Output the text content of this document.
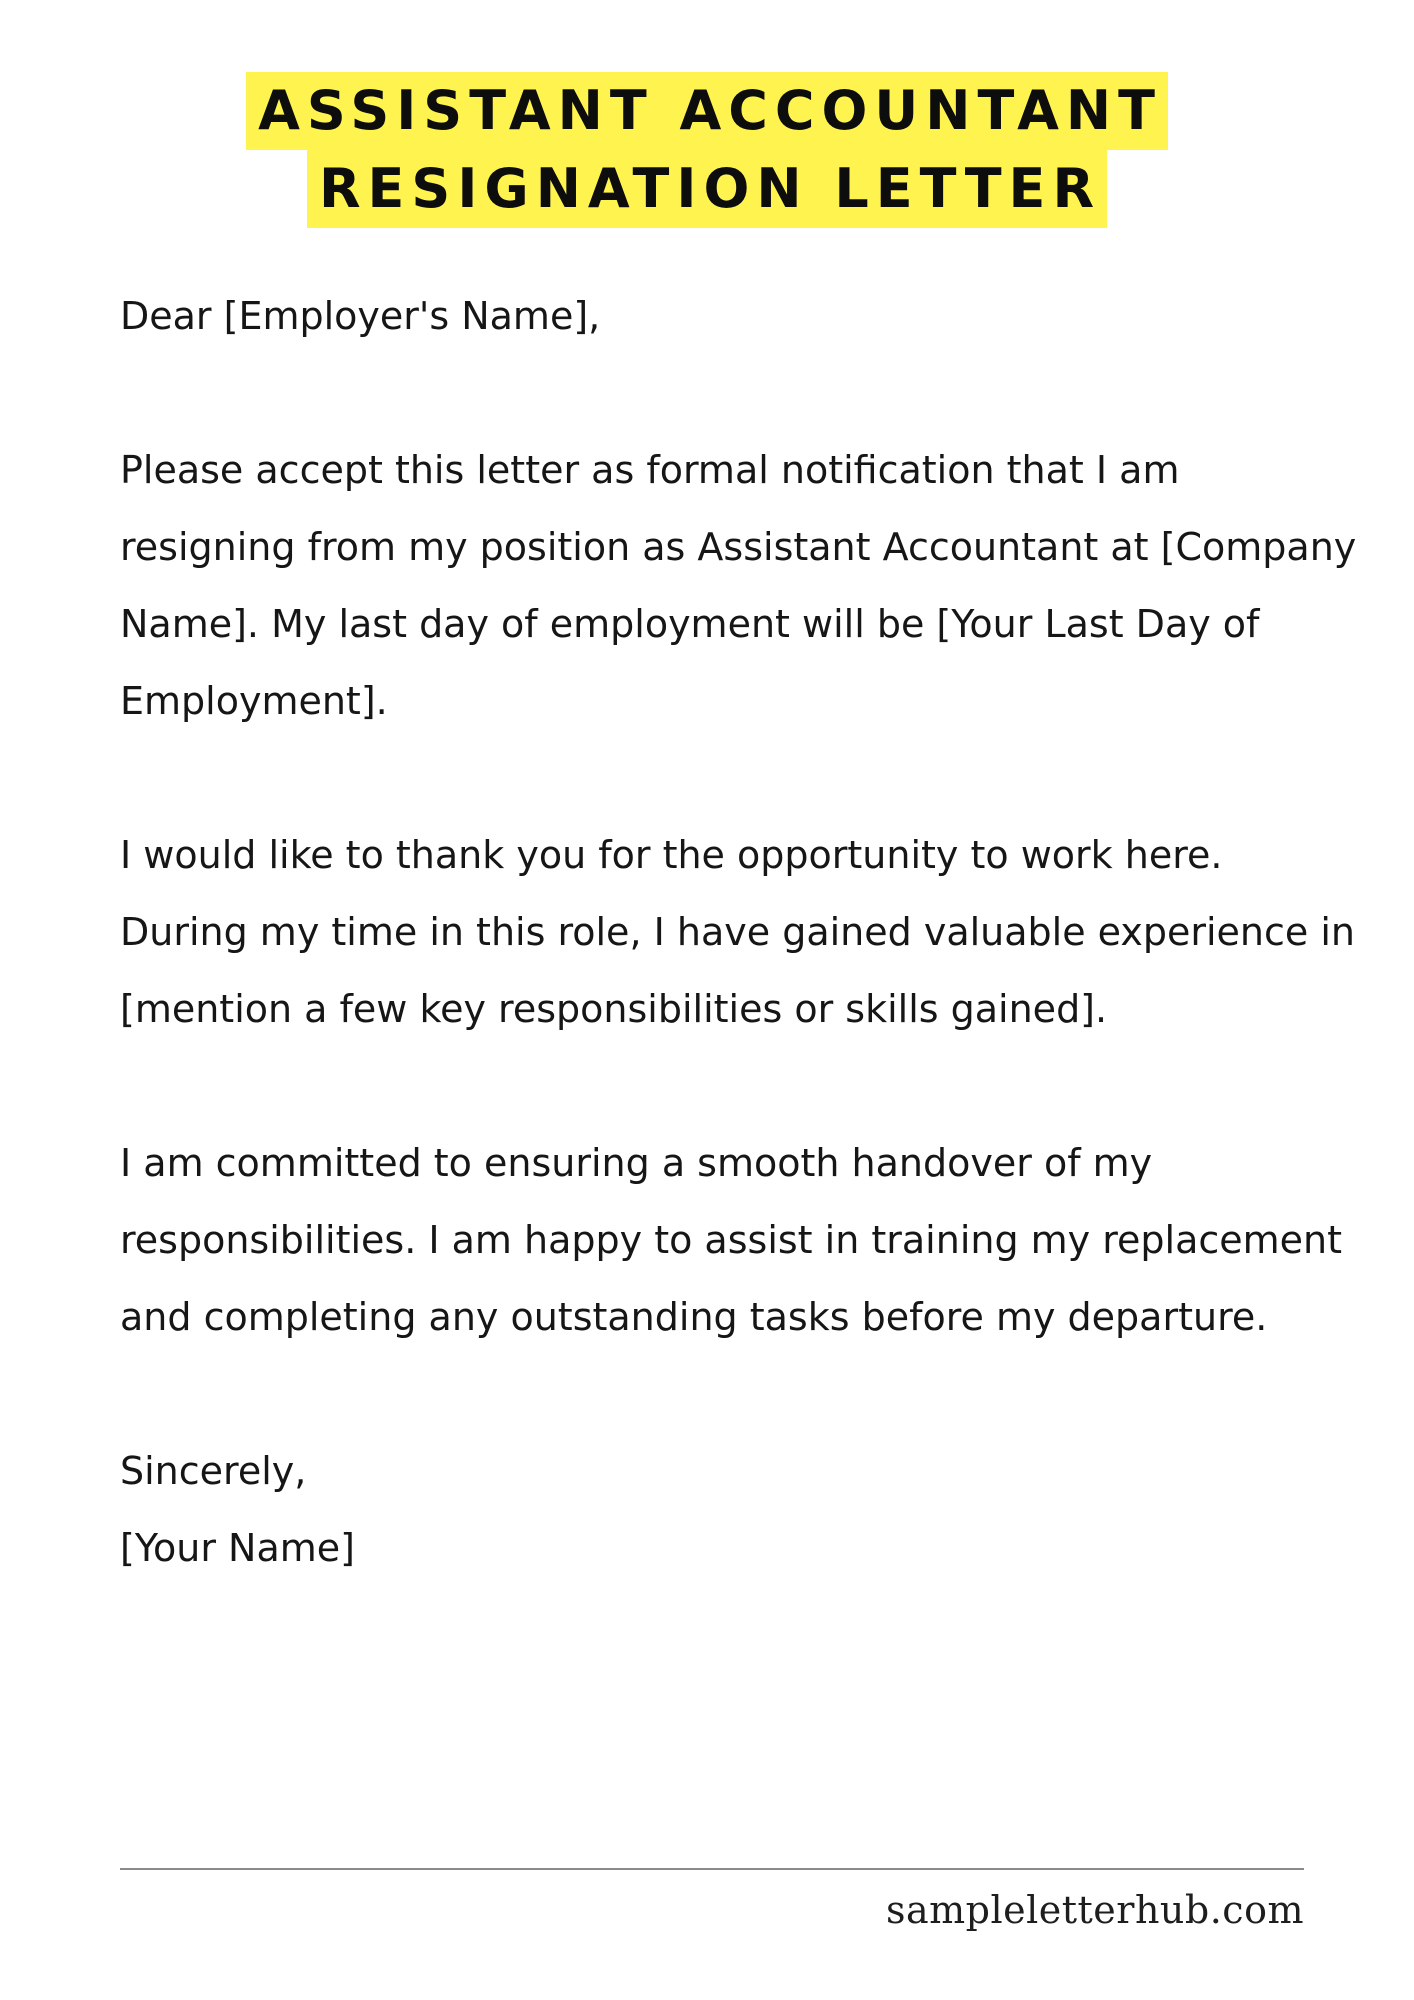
ASSISTANT ACCOUNTANT
RESIGNATION LETTER

Dear [Employer's Name],

Please accept this letter as formal notification that I am resigning from my position as Assistant Accountant at [Company Name]. My last day of employment will be [Your Last Day of Employment].

I would like to thank you for the opportunity to work here. During my time in this role, I have gained valuable experience in [mention a few key responsibilities or skills gained].

I am committed to ensuring a smooth handover of my responsibilities. I am happy to assist in training my replacement and completing any outstanding tasks before my departure.

Sincerely,

[Your Name]

sampleletterhub.com
